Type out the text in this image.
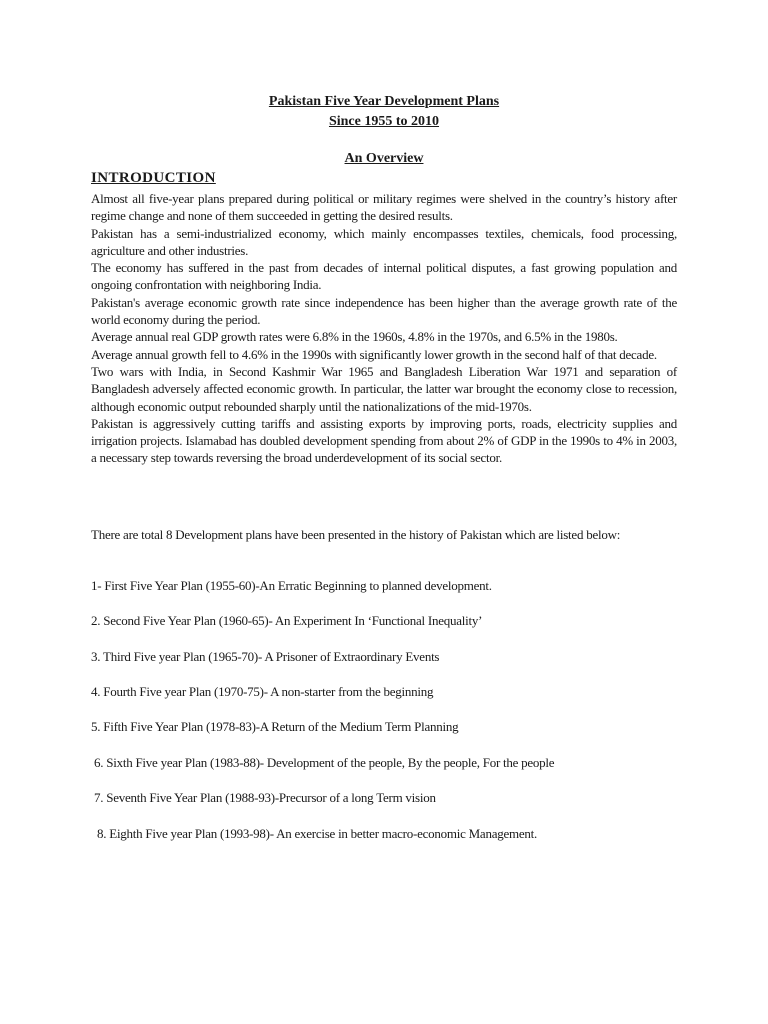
Pakistan Five Year Development Plans
Since 1955 to 2010
An Overview
INTRODUCTION

Almost all five-year plans prepared during political or military regimes were shelved in the country’s history after regime change and none of them succeeded in getting the desired results.

Pakistan has a semi-industrialized economy, which mainly encompasses textiles, chemicals, food processing, agriculture and other industries.

The economy has suffered in the past from decades of internal political disputes, a fast growing population and ongoing confrontation with neighboring India.

Pakistan's average economic growth rate since independence has been higher than the average growth rate of the world economy during the period.

Average annual real GDP growth rates were 6.8% in the 1960s, 4.8% in the 1970s, and 6.5% in the 1980s.

Average annual growth fell to 4.6% in the 1990s with significantly lower growth in the second half of that decade.

Two wars with India, in Second Kashmir War 1965 and Bangladesh Liberation War 1971 and separation of Bangladesh adversely affected economic growth. In particular, the latter war brought the economy close to recession, although economic output rebounded sharply until the nationalizations of the mid-1970s.

Pakistan is aggressively cutting tariffs and assisting exports by improving ports, roads, electricity supplies and irrigation projects. Islamabad has doubled development spending from about 2% of GDP in the 1990s to 4% in 2003, a necessary step towards reversing the broad underdevelopment of its social sector.

There are total 8 Development plans have been presented in the history of Pakistan which are listed below:

1- First Five Year Plan (1955-60)-An Erratic Beginning to planned development.
2. Second Five Year Plan (1960-65)- An Experiment In ‘Functional Inequality’
3. Third Five year Plan (1965-70)- A Prisoner of Extraordinary Events
4. Fourth Five year Plan (1970-75)- A non-starter from the beginning
5. Fifth Five Year Plan (1978-83)-A Return of the Medium Term Planning
6. Sixth Five year Plan (1983-88)- Development of the people, By the people, For the people
7. Seventh Five Year Plan (1988-93)-Precursor of a long Term vision
8. Eighth Five year Plan (1993-98)- An exercise in better macro-economic Management.
